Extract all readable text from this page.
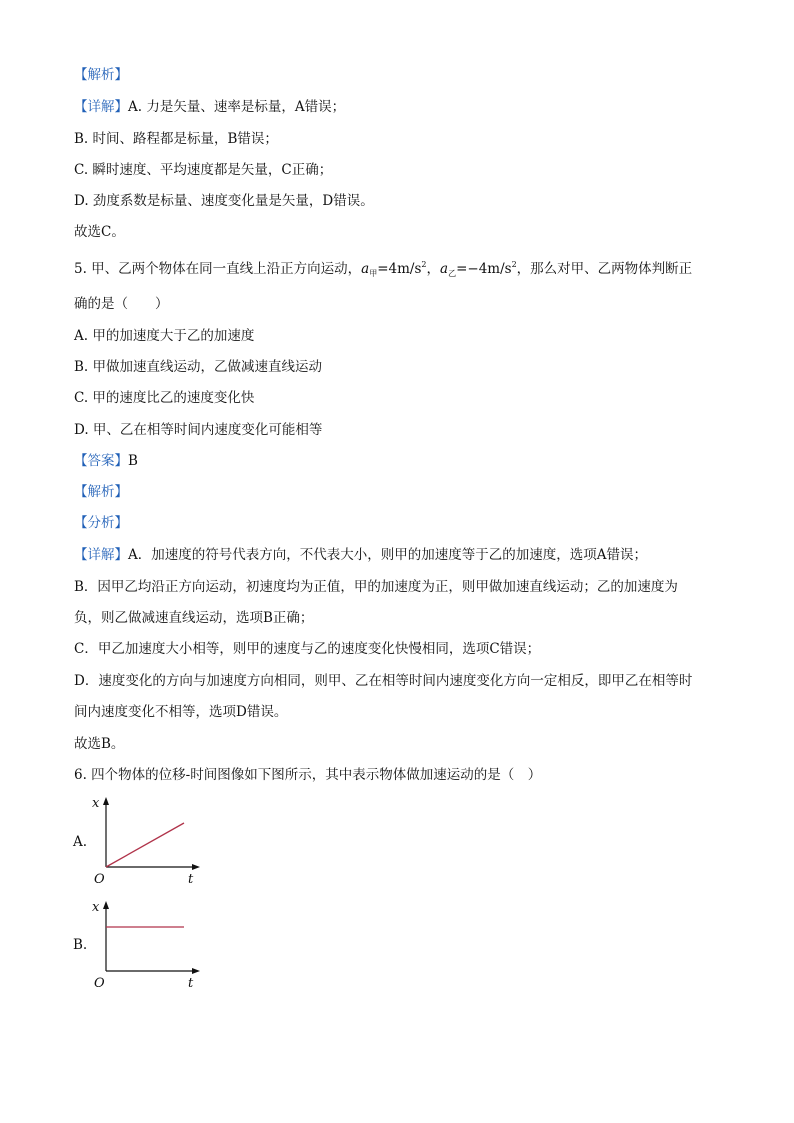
【解析】
【详解】A. 力是矢量、速率是标量，A错误；
B. 时间、路程都是标量，B错误；
C. 瞬时速度、平均速度都是矢量，C正确；
D. 劲度系数是标量、速度变化量是矢量，D错误。
故选C。
5. 甲、乙两个物体在同一直线上沿正方向运动，$a_甲=4m/s^2$，$a_乙=-4m/s^2$，那么对甲、乙两物体判断正
确的是（　　）
A. 甲的加速度大于乙的加速度
B. 甲做加速直线运动，乙做减速直线运动
C. 甲的速度比乙的速度变化快
D. 甲、乙在相等时间内速度变化可能相等
【答案】B
【解析】
【分析】
【详解】A．加速度的符号代表方向，不代表大小，则甲的加速度等于乙的加速度，选项A错误；
B．因甲乙均沿正方向运动，初速度均为正值，甲的加速度为正，则甲做加速直线运动；乙的加速度为
负，则乙做减速直线运动，选项B正确；
C．甲乙加速度大小相等，则甲的速度与乙的速度变化快慢相同，选项C错误；
D．速度变化的方向与加速度方向相同，则甲、乙在相等时间内速度变化方向一定相反，即甲乙在相等时
间内速度变化不相等，选项D错误。
故选B。
6. 四个物体的位移-时间图像如下图所示，其中表示物体做加速运动的是（　）
A.
x
O	t
B.
x
O	t
